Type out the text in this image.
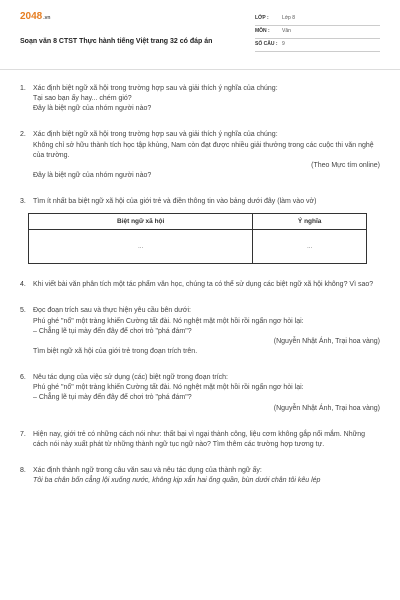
2048.vn
Soạn văn 8 CTST Thực hành tiếng Việt trang 32 có đáp án
LỚP :	Lớp 8
MÔN :	Văn
SỐ CÂU : 9
1.	Xác định biệt ngữ xã hội trong trường hợp sau và giải thích ý nghĩa của chúng:

Tại sao bạn ấy hay... chém gió?

Đây là biệt ngữ của nhóm người nào?

2.	Xác định biệt ngữ xã hội trong trường hợp sau và giải thích ý nghĩa của chúng:

Không chỉ sở hữu thành tích học tập khủng, Nam còn đạt được nhiều giải thưởng trong các cuộc thi văn nghệ của trường.

(Theo Mực tím online)

Đây là biệt ngữ của nhóm người nào?

3.	Tìm ít nhất ba biệt ngữ xã hội của giới trẻ và điền thông tin vào bảng dưới đây (làm vào vở)

Biệt ngữ xã hội	Ý nghĩa
...	...
4.	Khi viết bài văn phân tích một tác phẩm văn học, chúng ta có thể sử dụng các biệt ngữ xã hội không? Vì sao?

5.	Đọc đoạn trích sau và thực hiện yêu cầu bên dưới:

Phú ghé "nổ" một tràng khiến Cường tất đài. Nó nghệt mặt một hồi rồi ngẩn ngơ hỏi lại:

– Chẳng lẽ tụi mày đến đây để chơi trò "phá đám"?

(Nguyễn Nhật Ánh, Trại hoa vàng)

Tìm biệt ngữ xã hội của giới trẻ trong đoạn trích trên.

6.	Nêu tác dụng của việc sử dụng (các) biệt ngữ trong đoạn trích:

Phú ghé "nổ" một tràng khiến Cường tất đài. Nó nghệt mặt một hồi rồi ngẩn ngơ hỏi lại:

– Chẳng lẽ tụi mày đến đây để chơi trò "phá đám"?

(Nguyễn Nhật Ánh, Trại hoa vàng)

7.	Hiện nay, giới trẻ có những cách nói như: thất bại vì ngại thành công, liệu cơm không gắp nổi mắm. Những cách nói này xuất phát từ những thành ngữ tục ngữ nào? Tìm thêm các trường hợp tương tự.

8.	Xác định thành ngữ trong câu văn sau và nêu tác dụng của thành ngữ ấy:

Tôi ba chân bốn cẳng lội xuống nước, không kịp xắn hai ống quần, bùn dưới chân tôi kêu lép
